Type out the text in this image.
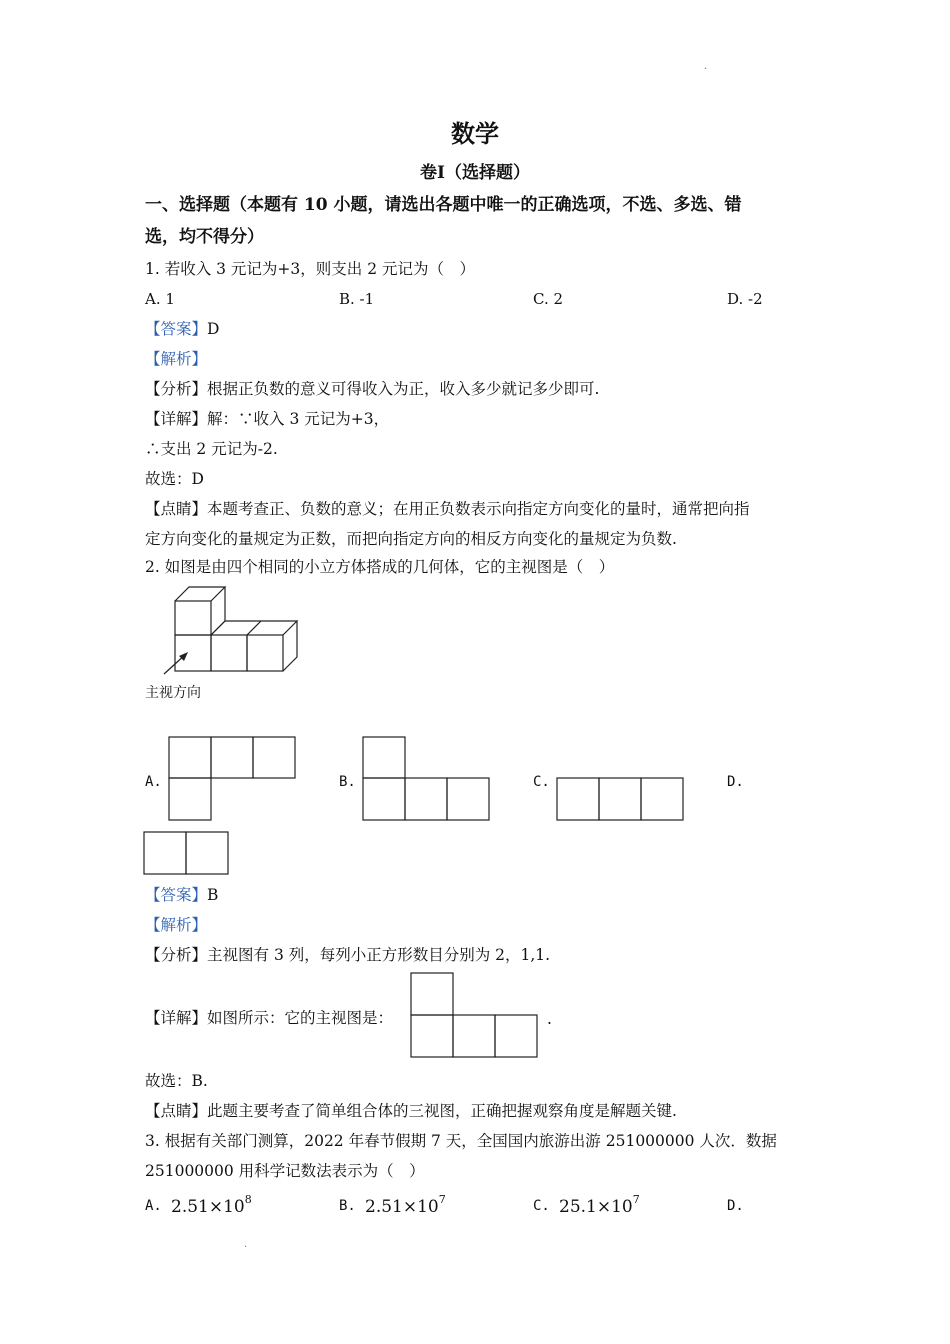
·
数学
卷Ⅰ（选择题）
一、选择题（本题有 10 小题，请选出各题中唯一的正确选项，不选、多选、错
选，均不得分）
1. 若收入 3 元记为+3，则支出 2 元记为（　）
A. 1	B. -1	C. 2	D. -2
【答案】D
【解析】
【分析】根据正负数的意义可得收入为正，收入多少就记多少即可.
【详解】解：∵收入 3 元记为+3，
∴支出 2 元记为-2.
故选：D
【点睛】本题考查正、负数的意义；在用正负数表示向指定方向变化的量时，通常把向指
定方向变化的量规定为正数，而把向指定方向的相反方向变化的量规定为负数.
2. 如图是由四个相同的小立方体搭成的几何体，它的主视图是（　）
主视方向
A.	B.	C.	D.
【答案】B
【解析】
【分析】主视图有 3 列，每列小正方形数目分别为 2，1,1.
【详解】如图所示：它的主视图是：	.
故选：B.
【点睛】此题主要考查了简单组合体的三视图，正确把握观察角度是解题关键.
3. 根据有关部门测算，2022 年春节假期 7 天，全国国内旅游出游 251000000 人次．数据
251000000 用科学记数法表示为（　）
A. $2.51\times 10^8$	B. $2.51\times 10^7$	C. $25.1\times 10^7$	D.
·
